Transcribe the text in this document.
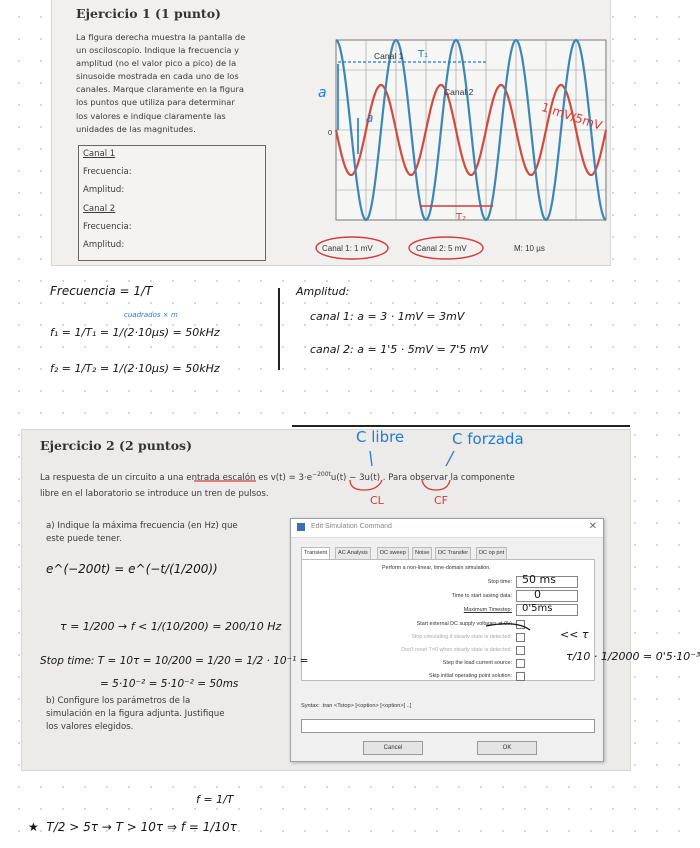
Ejercicio 1 (1 punto)
La figura derecha muestra la pantalla de
un osciloscopio. Indique la frecuencia y
amplitud (no el valor pico a pico) de la
sinusoide mostrada en cada uno de los
canales. Marque claramente en la figura
los puntos que utiliza para determinar
los valores e indique claramente las
unidades de las magnitudes.
Canal 1
Frecuencia:
Amplitud:
Canal 2
Frecuencia:
Amplitud:
Canal 1
Canal 2
T₁
T₂
a
a
0
Canal 1: 1 mV	Canal 2: 5 mV	M: 10 µs
1 mV/5mV
Frecuencia = 1/T	Amplitud:
cuadrados × m
f₁ = 1/T₁ = 1/(2·10μs) = 50kHz
f₂ = 1/T₂ = 1/(2·10μs) = 50kHz
canal 1: a = 3 · 1mV = 3mV
canal 2: a = 1'5 · 5mV = 7'5 mV
Ejercicio 2 (2 puntos)
La respuesta de un circuito a una entrada escalón es $v(t) = 3\cdot e^{-200t}u(t) - 3u(t)$ . Para observar la componente
libre en el laboratorio se introduce un tren de pulsos.
a) Indique la máxima frecuencia (en Hz) que
este puede tener.
b) Configure los parámetros de la
simulación en la figura adjunta. Justifique
los valores elegidos.
C libre	C forzada
CL	CF
Edit Simulation Command	✕
Transient	AC Analysis	DC sweep	Noise	DC Transfer	DC op pnt
Perform a non-linear, time-domain simulation.
Stop time: 50 ms
Time to start saving data: 0
Maximum Timestep: 0'5ms
Start external DC supply voltages at 0V:
Stop simulating if steady state is detected:
Don't reset T=0 when steady state is detected:
Step the load current source:
Skip initial operating point solution:
Syntax: .tran <Tstop> [<option> [<option>] ..]
Cancel	OK
<< τ
τ/10 · 1/2000 = 0'5·10⁻³
e^(−200t) = e^(−t/(1/200))
τ = 1/200 → f < 1/(10/200) = 200/10 Hz
Stop time: T = 10τ = 10/200 = 1/20 = 1/2 · 10⁻¹ =
= 5·10⁻² = 5·10⁻² = 50ms
f = 1/T
★  T/2 > 5τ → T > 10τ ⇒ f = 1/10τ
